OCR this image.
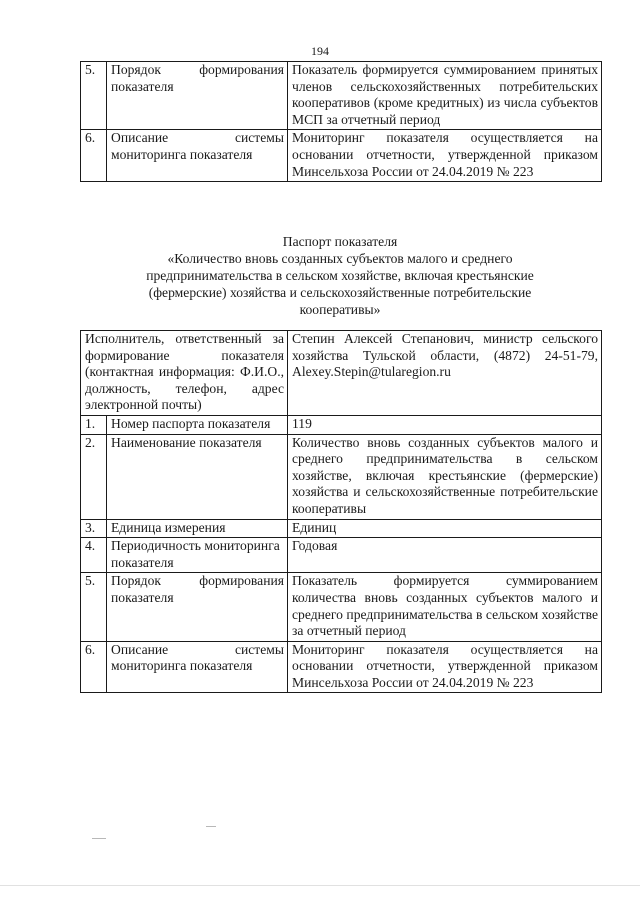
194
5.	Порядок формирования показателя	Показатель формируется суммированием принятых членов сельскохозяйственных потребительских кооперативов (кроме кредитных) из числа субъектов МСП за отчетный период
6.	Описание системы мониторинга показателя	Мониторинг показателя осуществляется на основании отчетности, утвержденной приказом Минсельхоза России от 24.04.2019 № 223
Паспорт показателя
«Количество вновь созданных субъектов малого и среднего предпринимательства в сельском хозяйстве, включая крестьянские (фермерские) хозяйства и сельскохозяйственные потребительские кооперативы»
Исполнитель, ответственный за формирование показателя (контактная информация: Ф.И.О., должность, телефон, адрес электронной почты)		Степин Алексей Степанович, министр сельского хозяйства Тульской области, (4872) 24-51-79, Alexey.Stepin@tularegion.ru
1.	Номер паспорта показателя	119
2.	Наименование показателя	Количество вновь созданных субъектов малого и среднего предпринимательства в сельском хозяйстве, включая крестьянские (фермерские) хозяйства и сельскохозяйственные потребительские кооперативы
3.	Единица измерения	Единиц
4.	Периодичность мониторинга показателя	Годовая
5.	Порядок формирования показателя	Показатель формируется суммированием количества вновь созданных субъектов малого и среднего предпринимательства в сельском хозяйстве за отчетный период
6.	Описание системы мониторинга показателя	Мониторинг показателя осуществляется на основании отчетности, утвержденной приказом Минсельхоза России от 24.04.2019 № 223
